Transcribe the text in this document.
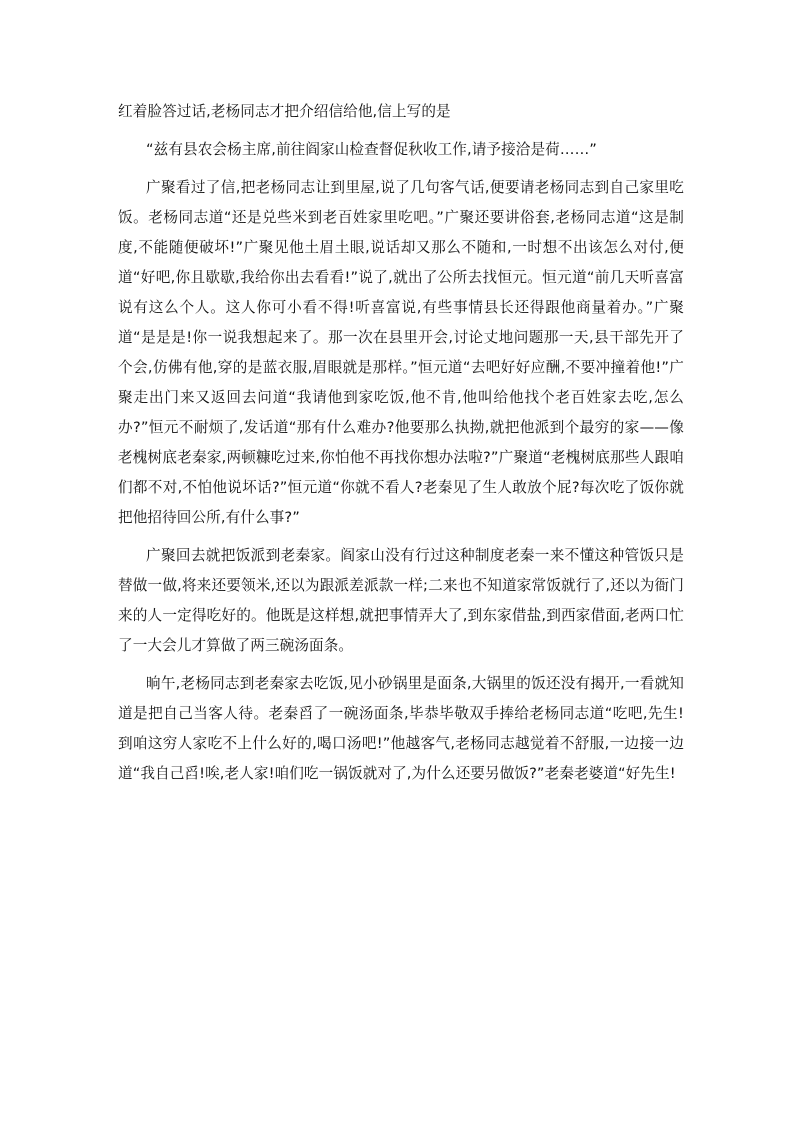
红着脸答过话,老杨同志才把介绍信给他,信上写的是

“兹有县农会杨主席,前往阎家山检查督促秋收工作,请予接洽是荷……”

广聚看过了信,把老杨同志让到里屋,说了几句客气话,便要请老杨同志到自己家里吃饭。老杨同志道“还是兑些米到老百姓家里吃吧。”广聚还要讲俗套,老杨同志道“这是制度,不能随便破坏!”广聚见他土眉土眼,说话却又那么不随和,一时想不出该怎么对付,便道“好吧,你且歇歇,我给你出去看看!”说了,就出了公所去找恒元。恒元道“前几天听喜富说有这么个人。这人你可小看不得!听喜富说,有些事情县长还得跟他商量着办。”广聚道“是是是!你一说我想起来了。那一次在县里开会,讨论丈地问题那一天,县干部先开了个会,仿佛有他,穿的是蓝衣服,眉眼就是那样。”恒元道“去吧好好应酬,不要冲撞着他!”广聚走出门来又返回去问道“我请他到家吃饭,他不肯,他叫给他找个老百姓家去吃,怎么办?”恒元不耐烦了,发话道“那有什么难办?他要那么执拗,就把他派到个最穷的家——像老槐树底老秦家,两顿糠吃过来,你怕他不再找你想办法啦?”广聚道“老槐树底那些人跟咱们都不对,不怕他说坏话?”恒元道“你就不看人?老秦见了生人敢放个屁?每次吃了饭你就把他招待回公所,有什么事?”

广聚回去就把饭派到老秦家。阎家山没有行过这种制度老秦一来不懂这种管饭只是替做一做,将来还要领米,还以为跟派差派款一样;二来也不知道家常饭就行了,还以为衙门来的人一定得吃好的。他既是这样想,就把事情弄大了,到东家借盐,到西家借面,老两口忙了一大会儿才算做了两三碗汤面条。

晌午,老杨同志到老秦家去吃饭,见小砂锅里是面条,大锅里的饭还没有揭开,一看就知道是把自己当客人待。老秦舀了一碗汤面条,毕恭毕敬双手捧给老杨同志道“吃吧,先生!到咱这穷人家吃不上什么好的,喝口汤吧!”他越客气,老杨同志越觉着不舒服,一边接一边道“我自己舀!唉,老人家!咱们吃一锅饭就对了,为什么还要另做饭?”老秦老婆道“好先生!
